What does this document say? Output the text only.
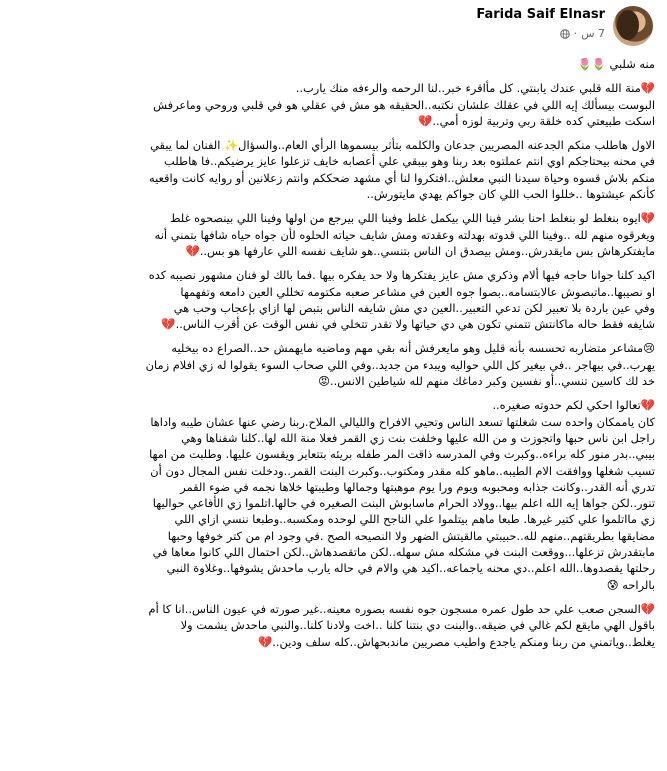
Farida Saif Elnasr
7 س
·
منه شلبي 🌷🌷
💔منة الله قلبي عندك يابنتي. كل مأاقرء خبر..لنا الرحمه والرءفه منك يارب..
البوست بيسألك إيه اللي في عقلك علشان نكتبه..الحقيقه هو مش في عقلي هو في قلبي وروحي وماعرفش
اسكت طبيعتي كده خلقة ربي وتربية لوزه أمي..💔
الاول هاطلب منكم الجدعنه المصريين جدعان والكلمه بتأثر بيسموها الرأي العام..والسؤال✨ الفنان لما يبقي
في محنه بيحتاجكم اوي انتم عملتوه بعد ربنا وهو بيبقي علي أعصابه خايف تزعلوا عايز يرضيكم..فا هاطلب
منكم بلاش قسوه وحياة سيدنا النبي معلش..افتكروا لنا أي مشهد ضحككم وانتم زعلانين أو روايه كانت واقعيه
كأنكم عيشتوها ..خللوا الحب اللي كان جواكم يهدي مايتورش..
💔ايوه بنغلط لو بنغلط احنا بشر فينا اللي بيكمل غلط وفينا اللي بيرجع من اولها وفينا اللي بينصحوه غلط
ويغرقوه منهم لله ..وفينا اللي قدوته بهدلته وعقدته ومش شايف حياته الحلوه لأن جواه حياه شافها بتمني أنه
مايفتكرهاش بس مايقدرش..ومش بيصدق ان الناس بتنسي..هو شايف نفسه اللي عارفها هو بس..💔
اكيد كلنا جوانا حاجه فيها ألام وذكري مش عايز يفتكرها ولا حد يفكره بيها .فما بالك لو فنان مشهور نصيبه كده
او نصيبها..ماتبصوش عالابتسامه..بصوا جوه العين في مشاعر صعبه مكتومه تخللي العين دامعه وتفهمها
وفي عين باردة بلا تعبير لكن تدعي التعبير..العين دي مش شايفه الناس بتبص لها ازاي بإعجاب وحب هي
شايفه فقط حاله ماكانتش تتمني تكون هي دي حياتها ولا تقدر تتخلي في نفس الوقت عن أقرب الناس..💔
😢مشاعر متضاربه تحسسه بأنه قليل وهو مايعرفش أنه بقي مهم وماضيه مايهمش حد..الصراع ده بيخليه
يهرب..في بيهاجر ..في بيغير كل اللي حواليه ويبدء من جديد..وفي اللي صحاب السوء يقولوا له زي افلام زمان
خد لك كاسين تنسي..أو نفسين وكبر دماغك منهم لله شياطين الانس..😡
💔تعالوا احكي لكم حدوته صغيره..
كان ياممكان واحده ست شغلتها تسعد الناس وتحيي الافراح والليالي الملاح.ربنا رضي عنها عشان طيبه واداها
راجل ابن ناس حبها واتجوزت و من الله عليها وخلفت بنت زي القمر فعلا منة الله لها..كلنا شفناها وهي
بيبي..بدر منور كله براءه..وكبرت وفي المدرسه ذاقت المر طفله بريئه بتتعاير ويقسون عليها. وطلبت من امها
تسيب شغلها ووافقت الام الطيبه..ماهو كله مقدر ومكتوب..وكبرت البنت القمر..ودخلت نفس المجال دون أن
تدري أنه القدر..وكانت جذابه ومحبوبه ويوم ورا يوم موهبتها وجمالها وطيبتها خلاها نجمه في ضوء القمر
تنور..لكن جواها إيه الله اعلم بيها..وولاد الحرام ماسابوش البنت الصغيره في حالها.اتلموا زي الأفاعي حواليها
زي مااتلموا علي كتير غيرها. طبعا ماهم بيتلموا علي الناجح اللي لوحده ومكسبه..وطبعا ننسي ازاي اللي
مضايقها بطريقتهم..منهم لله..حبيبتي مالقيتش الضهر ولا النصيحه الصح .في وجود ام من كتر خوفها وحبها
مابتقدرش تزعلها...ووقعت البنت في مشكله مش سهله..لكن ماتقصدهاش..لكن احتمال اللي كانوا معاها في
رحلتها يقصدوها..الله اعلم..دي محنه ياجماعه..اكيد هي والام في حاله يارب ماحدش يشوفها..وغلاوة النبي
بالراحه 😰
💔السجن صعب علي حد طول عمره مسجون جوه نفسه بصوره معينه..غير صورته في عيون الناس..انا كا أم
باقول الهي مايقع لكم غالي في ضيقه..والبنت دي بنتنا كلنا ..اخت ولادنا كلنا..والنبي ماحدش يشمت ولا
يغلط..وياتمني من ربنا ومنكم ياجدع واطيب مصريين ماندبحهاش..كله سلف ودين..💔
